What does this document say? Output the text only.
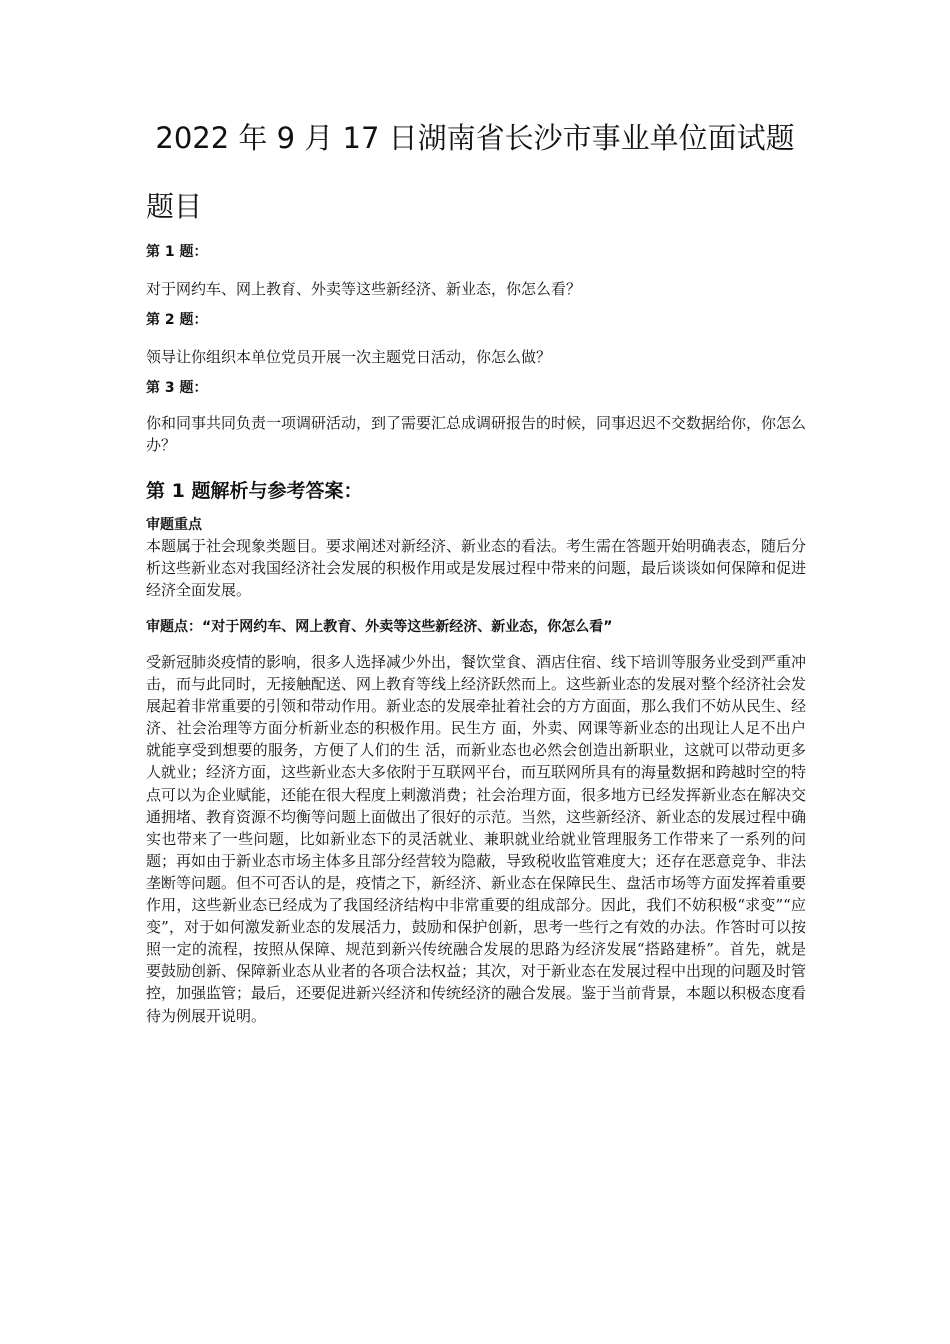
2022 年 9 月 17 日湖南省长沙市事业单位面试题
题目

第 1 题：

对于网约车、网上教育、外卖等这些新经济、新业态，你怎么看？

第 2 题：

领导让你组织本单位党员开展一次主题党日活动，你怎么做？

第 3 题：

你和同事共同负责一项调研活动，到了需要汇总成调研报告的时候，同事迟迟不交数据给你，你怎么办？

第 1 题解析与参考答案：

审题重点

本题属于社会现象类题目。要求阐述对新经济、新业态的看法。考生需在答题开始明确表态，随后分析这些新业态对我国经济社会发展的积极作用或是发展过程中带来的问题，最后谈谈如何保障和促进经济全面发展。

审题点：“对于网约车、网上教育、外卖等这些新经济、新业态，你怎么看”

受新冠肺炎疫情的影响，很多人选择减少外出，餐饮堂食、酒店住宿、线下培训等服务业受到严重冲击，而与此同时，无接触配送、网上教育等线上经济跃然而上。这些新业态的发展对整个经济社会发展起着非常重要的引领和带动作用。新业态的发展牵扯着社会的方方面面，那么我们不妨从民生、经济、社会治理等方面分析新业态的积极作用。民生方 面，外卖、网课等新业态的出现让人足不出户就能享受到想要的服务，方便了人们的生 活，而新业态也必然会创造出新职业，这就可以带动更多人就业；经济方面，这些新业态大多依附于互联网平台，而互联网所具有的海量数据和跨越时空的特点可以为企业赋能，还能在很大程度上刺激消费；社会治理方面，很多地方已经发挥新业态在解决交通拥堵、教育资源不均衡等问题上面做出了很好的示范。当然，这些新经济、新业态的发展过程中确实也带来了一些问题，比如新业态下的灵活就业、兼职就业给就业管理服务工作带来了一系列的问题；再如由于新业态市场主体多且部分经营较为隐蔽，导致税收监管难度大；还存在恶意竞争、非法垄断等问题。但不可否认的是，疫情之下，新经济、新业态在保障民生、盘活市场等方面发挥着重要作用，这些新业态已经成为了我国经济结构中非常重要的组成部分。因此，我们不妨积极“求变”“应变”，对于如何激发新业态的发展活力，鼓励和保护创新，思考一些行之有效的办法。作答时可以按照一定的流程，按照从保障、规范到新兴传统融合发展的思路为经济发展“搭路建桥”。首先，就是要鼓励创新、保障新业态从业者的各项合法权益；其次，对于新业态在发展过程中出现的问题及时管控，加强监管；最后，还要促进新兴经济和传统经济的融合发展。鉴于当前背景，本题以积极态度看待为例展开说明。
